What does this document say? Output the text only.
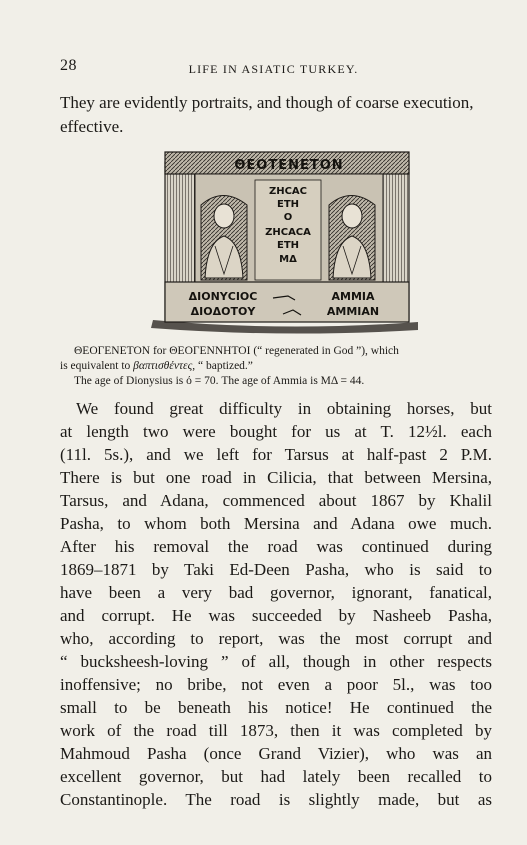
28	LIFE IN ASIATIC TURKEY.
They are evidently portraits, and though of coarse execution, effective.
ΘΕΟΤΕΝΕΤΟΝ
ΖΗCΑC
ΕΤΗ
Ο
ΖΗCΑCΑ
ΕΤΗ
ΜΔ
ΔΙΟΝΥCΙΟC
ΔΙΟΔΟΤΟΥ
ΑΜΜΙΑ
ΑΜΜΙΑΝ

ΘΕΟΓΕΝΕΤΟΝ for ΘΕΟΓΕΝΝΗΤΟΙ (“ regenerated in God ”), which

is equivalent to βαπτισθέντες, “ baptized.”

The age of Dionysius is ό = 70. The age of Ammia is ΜΔ = 44.

We found great difficulty in obtaining horses, but
at length two were bought for us at T. 12½l. each
(11l. 5s.), and we left for Tarsus at half-past 2 P.M.
There is but one road in Cilicia, that between Mersina,
Tarsus, and Adana, commenced about 1867 by Khalil
Pasha, to whom both Mersina and Adana owe much.
After his removal the road was continued during
1869–1871 by Taki Ed-Deen Pasha, who is said to
have been a very bad governor, ignorant, fanatical,
and corrupt. He was succeeded by Nasheeb Pasha,
who, according to report, was the most corrupt and
“ bucksheesh-loving ” of all, though in other respects
inoffensive; no bribe, not even a poor 5l., was too
small to be beneath his notice! He continued the
work of the road till 1873, then it was completed by
Mahmoud Pasha (once Grand Vizier), who was an
excellent governor, but had lately been recalled to
Constantinople. The road is slightly made, but as
